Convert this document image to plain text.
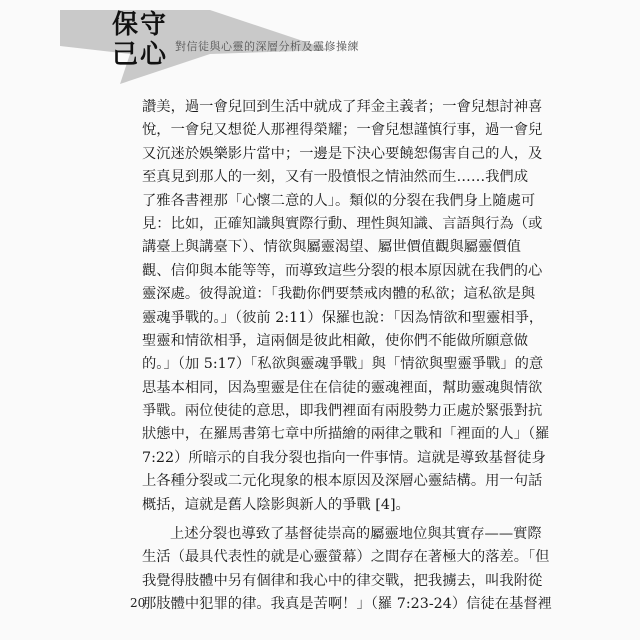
保守
己心 對信徒與心靈的深層分析及靈修操練
讚美，過一會兒回到生活中就成了拜金主義者；一會兒想討神喜
悅，一會兒又想從人那裡得榮耀；一會兒想謹慎行事，過一會兒
又沉迷於娛樂影片當中；一邊是下決心要饒恕傷害自己的人，及
至真見到那人的一刻，又有一股憤恨之情油然而生……我們成
了雅各書裡那「心懷二意的人」。類似的分裂在我們身上隨處可
見：比如，正確知識與實際行動、理性與知識、言語與行為（或
講臺上與講臺下）、情欲與屬靈渴望、屬世價值觀與屬靈價值
觀、信仰與本能等等，而導致這些分裂的根本原因就在我們的心
靈深處。彼得說道：「我勸你們要禁戒肉體的私欲；這私欲是與
靈魂爭戰的。」（彼前 2:11）保羅也說：「因為情欲和聖靈相爭，
聖靈和情欲相爭，這兩個是彼此相敵，使你們不能做所願意做
的。」（加 5:17）「私欲與靈魂爭戰」與「情欲與聖靈爭戰」的意
思基本相同，因為聖靈是住在信徒的靈魂裡面，幫助靈魂與情欲
爭戰。兩位使徒的意思，即我們裡面有兩股勢力正處於緊張對抗
狀態中，在羅馬書第七章中所描繪的兩律之戰和「裡面的人」（羅
7:22）所暗示的自我分裂也指向一件事情。這就是導致基督徒身
上各種分裂或二元化現象的根本原因及深層心靈結構。用一句話
概括，這就是舊人陰影與新人的爭戰 [4]。
上述分裂也導致了基督徒崇高的屬靈地位與其實存——實際
生活（最具代表性的就是心靈螢幕）之間存在著極大的落差。「但
我覺得肢體中另有個律和我心中的律交戰，把我擄去，叫我附從
那肢體中犯罪的律。我真是苦啊！」（羅 7:23-24）信徒在基督裡
20
